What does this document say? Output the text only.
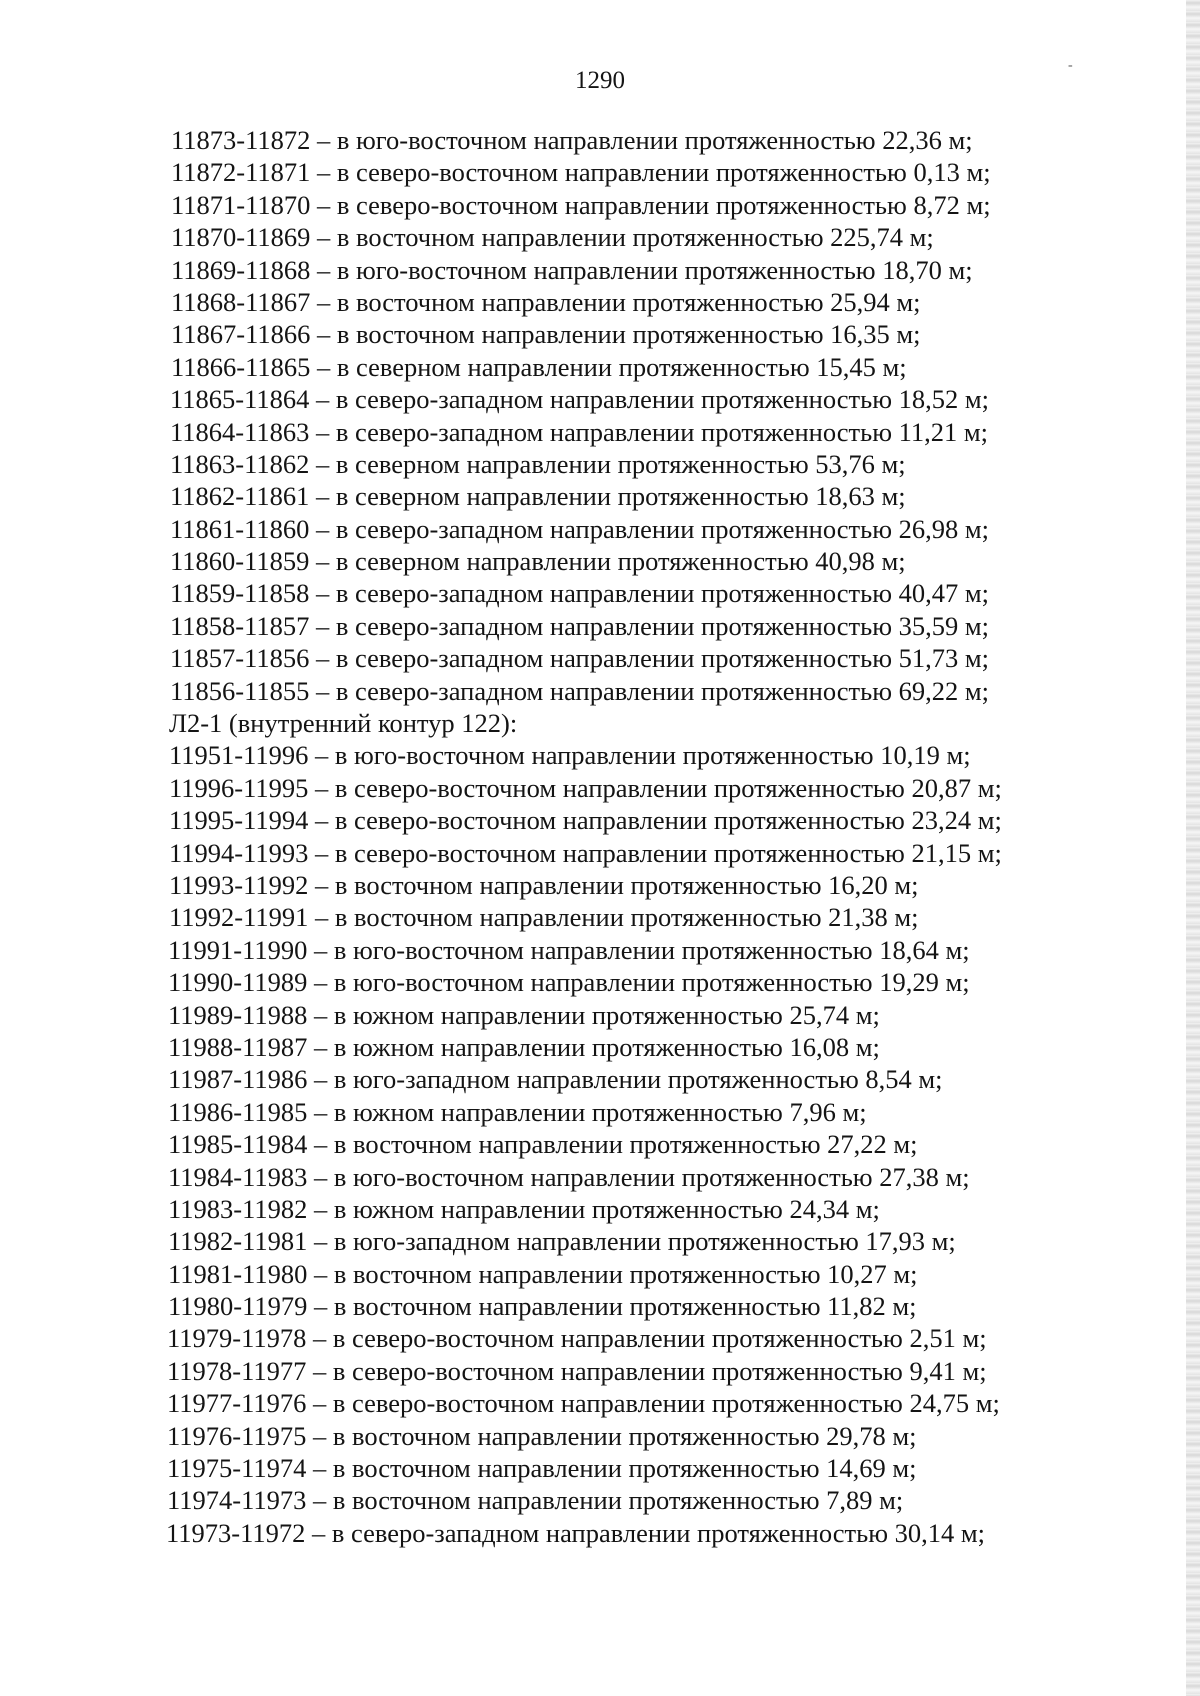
-
1290
11873-11872 – в юго-восточном направлении протяженностью 22,36 м;
11872-11871 – в северо-восточном направлении протяженностью 0,13 м;
11871-11870 – в северо-восточном направлении протяженностью 8,72 м;
11870-11869 – в восточном направлении протяженностью 225,74 м;
11869-11868 – в юго-восточном направлении протяженностью 18,70 м;
11868-11867 – в восточном направлении протяженностью 25,94 м;
11867-11866 – в восточном направлении протяженностью 16,35 м;
11866-11865 – в северном направлении протяженностью 15,45 м;
11865-11864 – в северо-западном направлении протяженностью 18,52 м;
11864-11863 – в северо-западном направлении протяженностью 11,21 м;
11863-11862 – в северном направлении протяженностью 53,76 м;
11862-11861 – в северном направлении протяженностью 18,63 м;
11861-11860 – в северо-западном направлении протяженностью 26,98 м;
11860-11859 – в северном направлении протяженностью 40,98 м;
11859-11858 – в северо-западном направлении протяженностью 40,47 м;
11858-11857 – в северо-западном направлении протяженностью 35,59 м;
11857-11856 – в северо-западном направлении протяженностью 51,73 м;
11856-11855 – в северо-западном направлении протяженностью 69,22 м;
Л2-1 (внутренний контур 122):
11951-11996 – в юго-восточном направлении протяженностью 10,19 м;
11996-11995 – в северо-восточном направлении протяженностью 20,87 м;
11995-11994 – в северо-восточном направлении протяженностью 23,24 м;
11994-11993 – в северо-восточном направлении протяженностью 21,15 м;
11993-11992 – в восточном направлении протяженностью 16,20 м;
11992-11991 – в восточном направлении протяженностью 21,38 м;
11991-11990 – в юго-восточном направлении протяженностью 18,64 м;
11990-11989 – в юго-восточном направлении протяженностью 19,29 м;
11989-11988 – в южном направлении протяженностью 25,74 м;
11988-11987 – в южном направлении протяженностью 16,08 м;
11987-11986 – в юго-западном направлении протяженностью 8,54 м;
11986-11985 – в южном направлении протяженностью 7,96 м;
11985-11984 – в восточном направлении протяженностью 27,22 м;
11984-11983 – в юго-восточном направлении протяженностью 27,38 м;
11983-11982 – в южном направлении протяженностью 24,34 м;
11982-11981 – в юго-западном направлении протяженностью 17,93 м;
11981-11980 – в восточном направлении протяженностью 10,27 м;
11980-11979 – в восточном направлении протяженностью 11,82 м;
11979-11978 – в северо-восточном направлении протяженностью 2,51 м;
11978-11977 – в северо-восточном направлении протяженностью 9,41 м;
11977-11976 – в северо-восточном направлении протяженностью 24,75 м;
11976-11975 – в восточном направлении протяженностью 29,78 м;
11975-11974 – в восточном направлении протяженностью 14,69 м;
11974-11973 – в восточном направлении протяженностью 7,89 м;
11973-11972 – в северо-западном направлении протяженностью 30,14 м;
